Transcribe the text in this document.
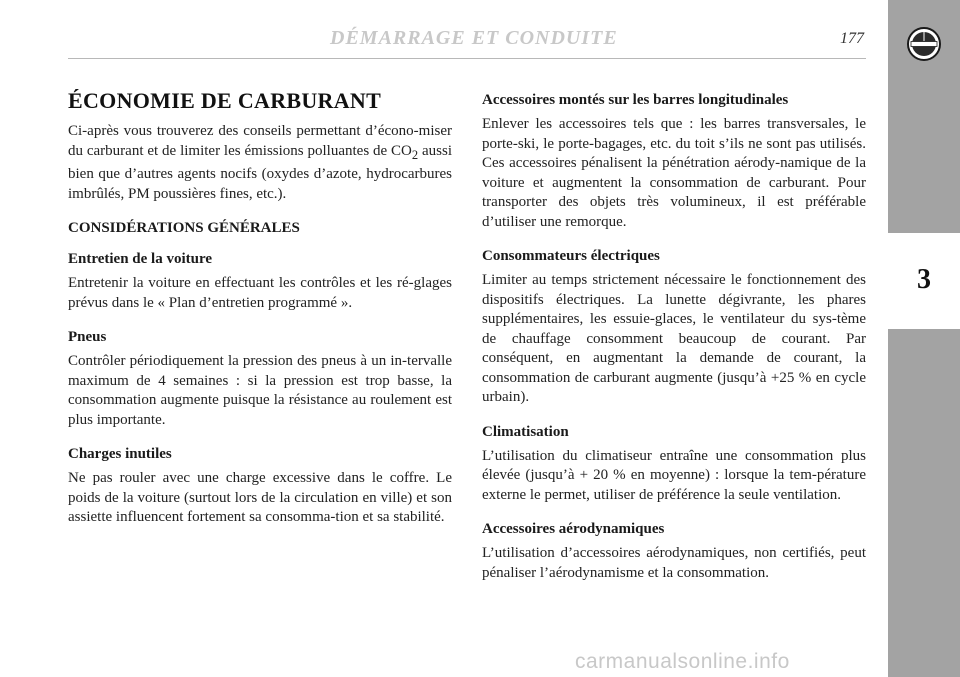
DÉMARRAGE ET CONDUITE	177
3
ÉCONOMIE DE CARBURANT

Ci-après vous trouverez des conseils permettant d’écono-miser du carburant et de limiter les émissions polluantes de $CO_2$ aussi bien que d’autres agents nocifs (oxydes d’azote, hydrocarbures imbrûlés, PM poussières fines, etc.).

CONSIDÉRATIONS GÉNÉRALES
Entretien de la voiture

Entretenir la voiture en effectuant les contrôles et les ré-glages prévus dans le « Plan d’entretien programmé ».

Pneus

Contrôler périodiquement la pression des pneus à un in-tervalle maximum de 4 semaines : si la pression est trop basse, la consommation augmente puisque la résistance au roulement est plus importante.

Charges inutiles

Ne pas rouler avec une charge excessive dans le coffre. Le poids de la voiture (surtout lors de la circulation en ville) et son assiette influencent fortement sa consomma-tion et sa stabilité.

Accessoires montés sur les barres longitudinales

Enlever les accessoires tels que : les barres transversales, le porte-ski, le porte-bagages, etc. du toit s’ils ne sont pas utilisés. Ces accessoires pénalisent la pénétration aérody-namique de la voiture et augmentent la consommation de carburant. Pour transporter des objets très volumineux, il est préférable d’utiliser une remorque.

Consommateurs électriques

Limiter au temps strictement nécessaire le fonctionnement des dispositifs électriques. La lunette dégivrante, les phares supplémentaires, les essuie-glaces, le ventilateur du sys-tème de chauffage consomment beaucoup de courant. Par conséquent, en augmentant la demande de courant, la consommation de carburant augmente (jusqu’à +25 % en cycle urbain).

Climatisation

L’utilisation du climatiseur entraîne une consommation plus élevée (jusqu’à + 20 % en moyenne) : lorsque la tem-pérature externe le permet, utiliser de préférence la seule ventilation.

Accessoires aérodynamiques

L’utilisation d’accessoires aérodynamiques, non certifiés, peut pénaliser l’aérodynamisme et la consommation.

carmanualsonline.info
